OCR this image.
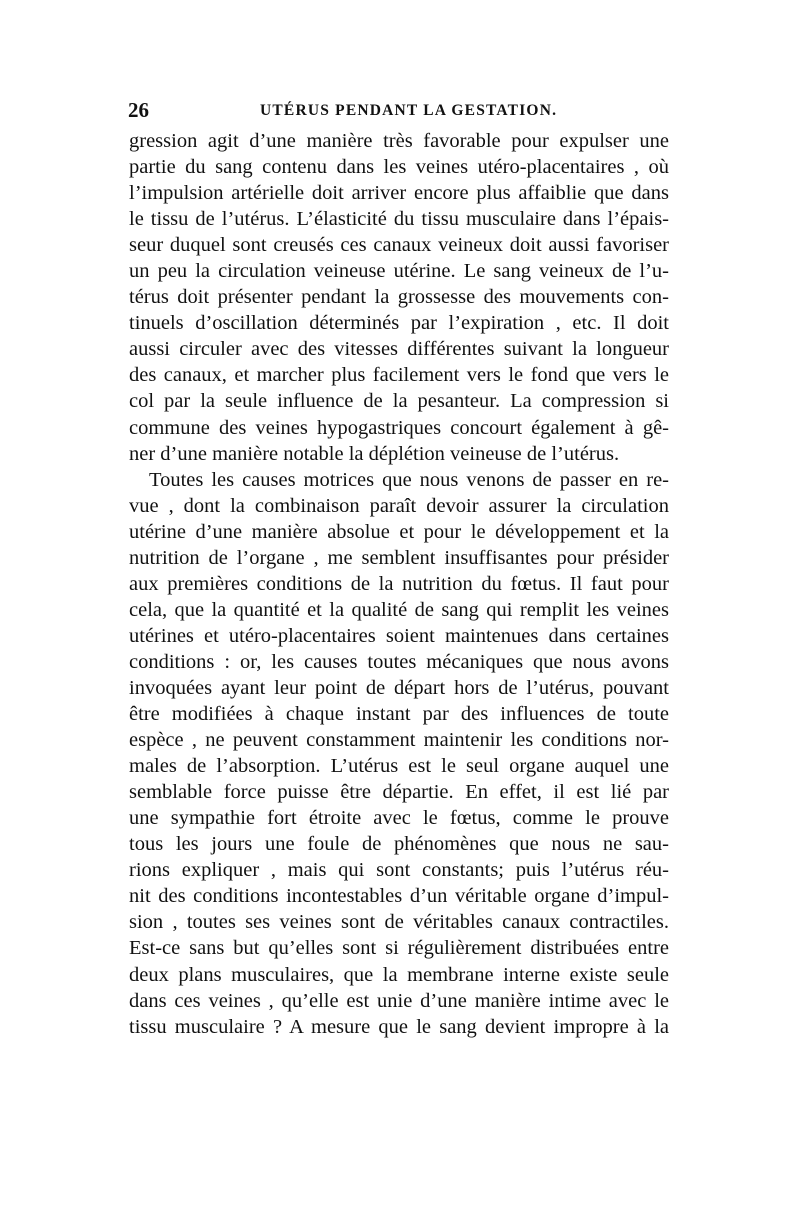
26	UTÉRUS PENDANT LA GESTATION.
gression agit d’une manière très favorable pour expulser une
partie du sang contenu dans les veines utéro-placentaires , où
l’impulsion artérielle doit arriver encore plus affaiblie que dans
le tissu de l’utérus. L’élasticité du tissu musculaire dans l’épais-
seur duquel sont creusés ces canaux veineux doit aussi favoriser
un peu la circulation veineuse utérine. Le sang veineux de l’u-
térus doit présenter pendant la grossesse des mouvements con-
tinuels d’oscillation déterminés par l’expiration , etc. Il doit
aussi circuler avec des vitesses différentes suivant la longueur
des canaux, et marcher plus facilement vers le fond que vers le
col par la seule influence de la pesanteur. La compression si
commune des veines hypogastriques concourt également à gê-
ner d’une manière notable la déplétion veineuse de l’utérus.
Toutes les causes motrices que nous venons de passer en re-
vue , dont la combinaison paraît devoir assurer la circulation
utérine d’une manière absolue et pour le développement et la
nutrition de l’organe , me semblent insuffisantes pour présider
aux premières conditions de la nutrition du fœtus. Il faut pour
cela, que la quantité et la qualité de sang qui remplit les veines
utérines et utéro-placentaires soient maintenues dans certaines
conditions : or, les causes toutes mécaniques que nous avons
invoquées ayant leur point de départ hors de l’utérus, pouvant
être modifiées à chaque instant par des influences de toute
espèce , ne peuvent constamment maintenir les conditions nor-
males de l’absorption. L’utérus est le seul organe auquel une
semblable force puisse être départie. En effet, il est lié par
une sympathie fort étroite avec le fœtus, comme le prouve
tous les jours une foule de phénomènes que nous ne sau-
rions expliquer , mais qui sont constants; puis l’utérus réu-
nit des conditions incontestables d’un véritable organe d’impul-
sion , toutes ses veines sont de véritables canaux contractiles.
Est-ce sans but qu’elles sont si régulièrement distribuées entre
deux plans musculaires, que la membrane interne existe seule
dans ces veines , qu’elle est unie d’une manière intime avec le
tissu musculaire ? A mesure que le sang devient impropre à la
